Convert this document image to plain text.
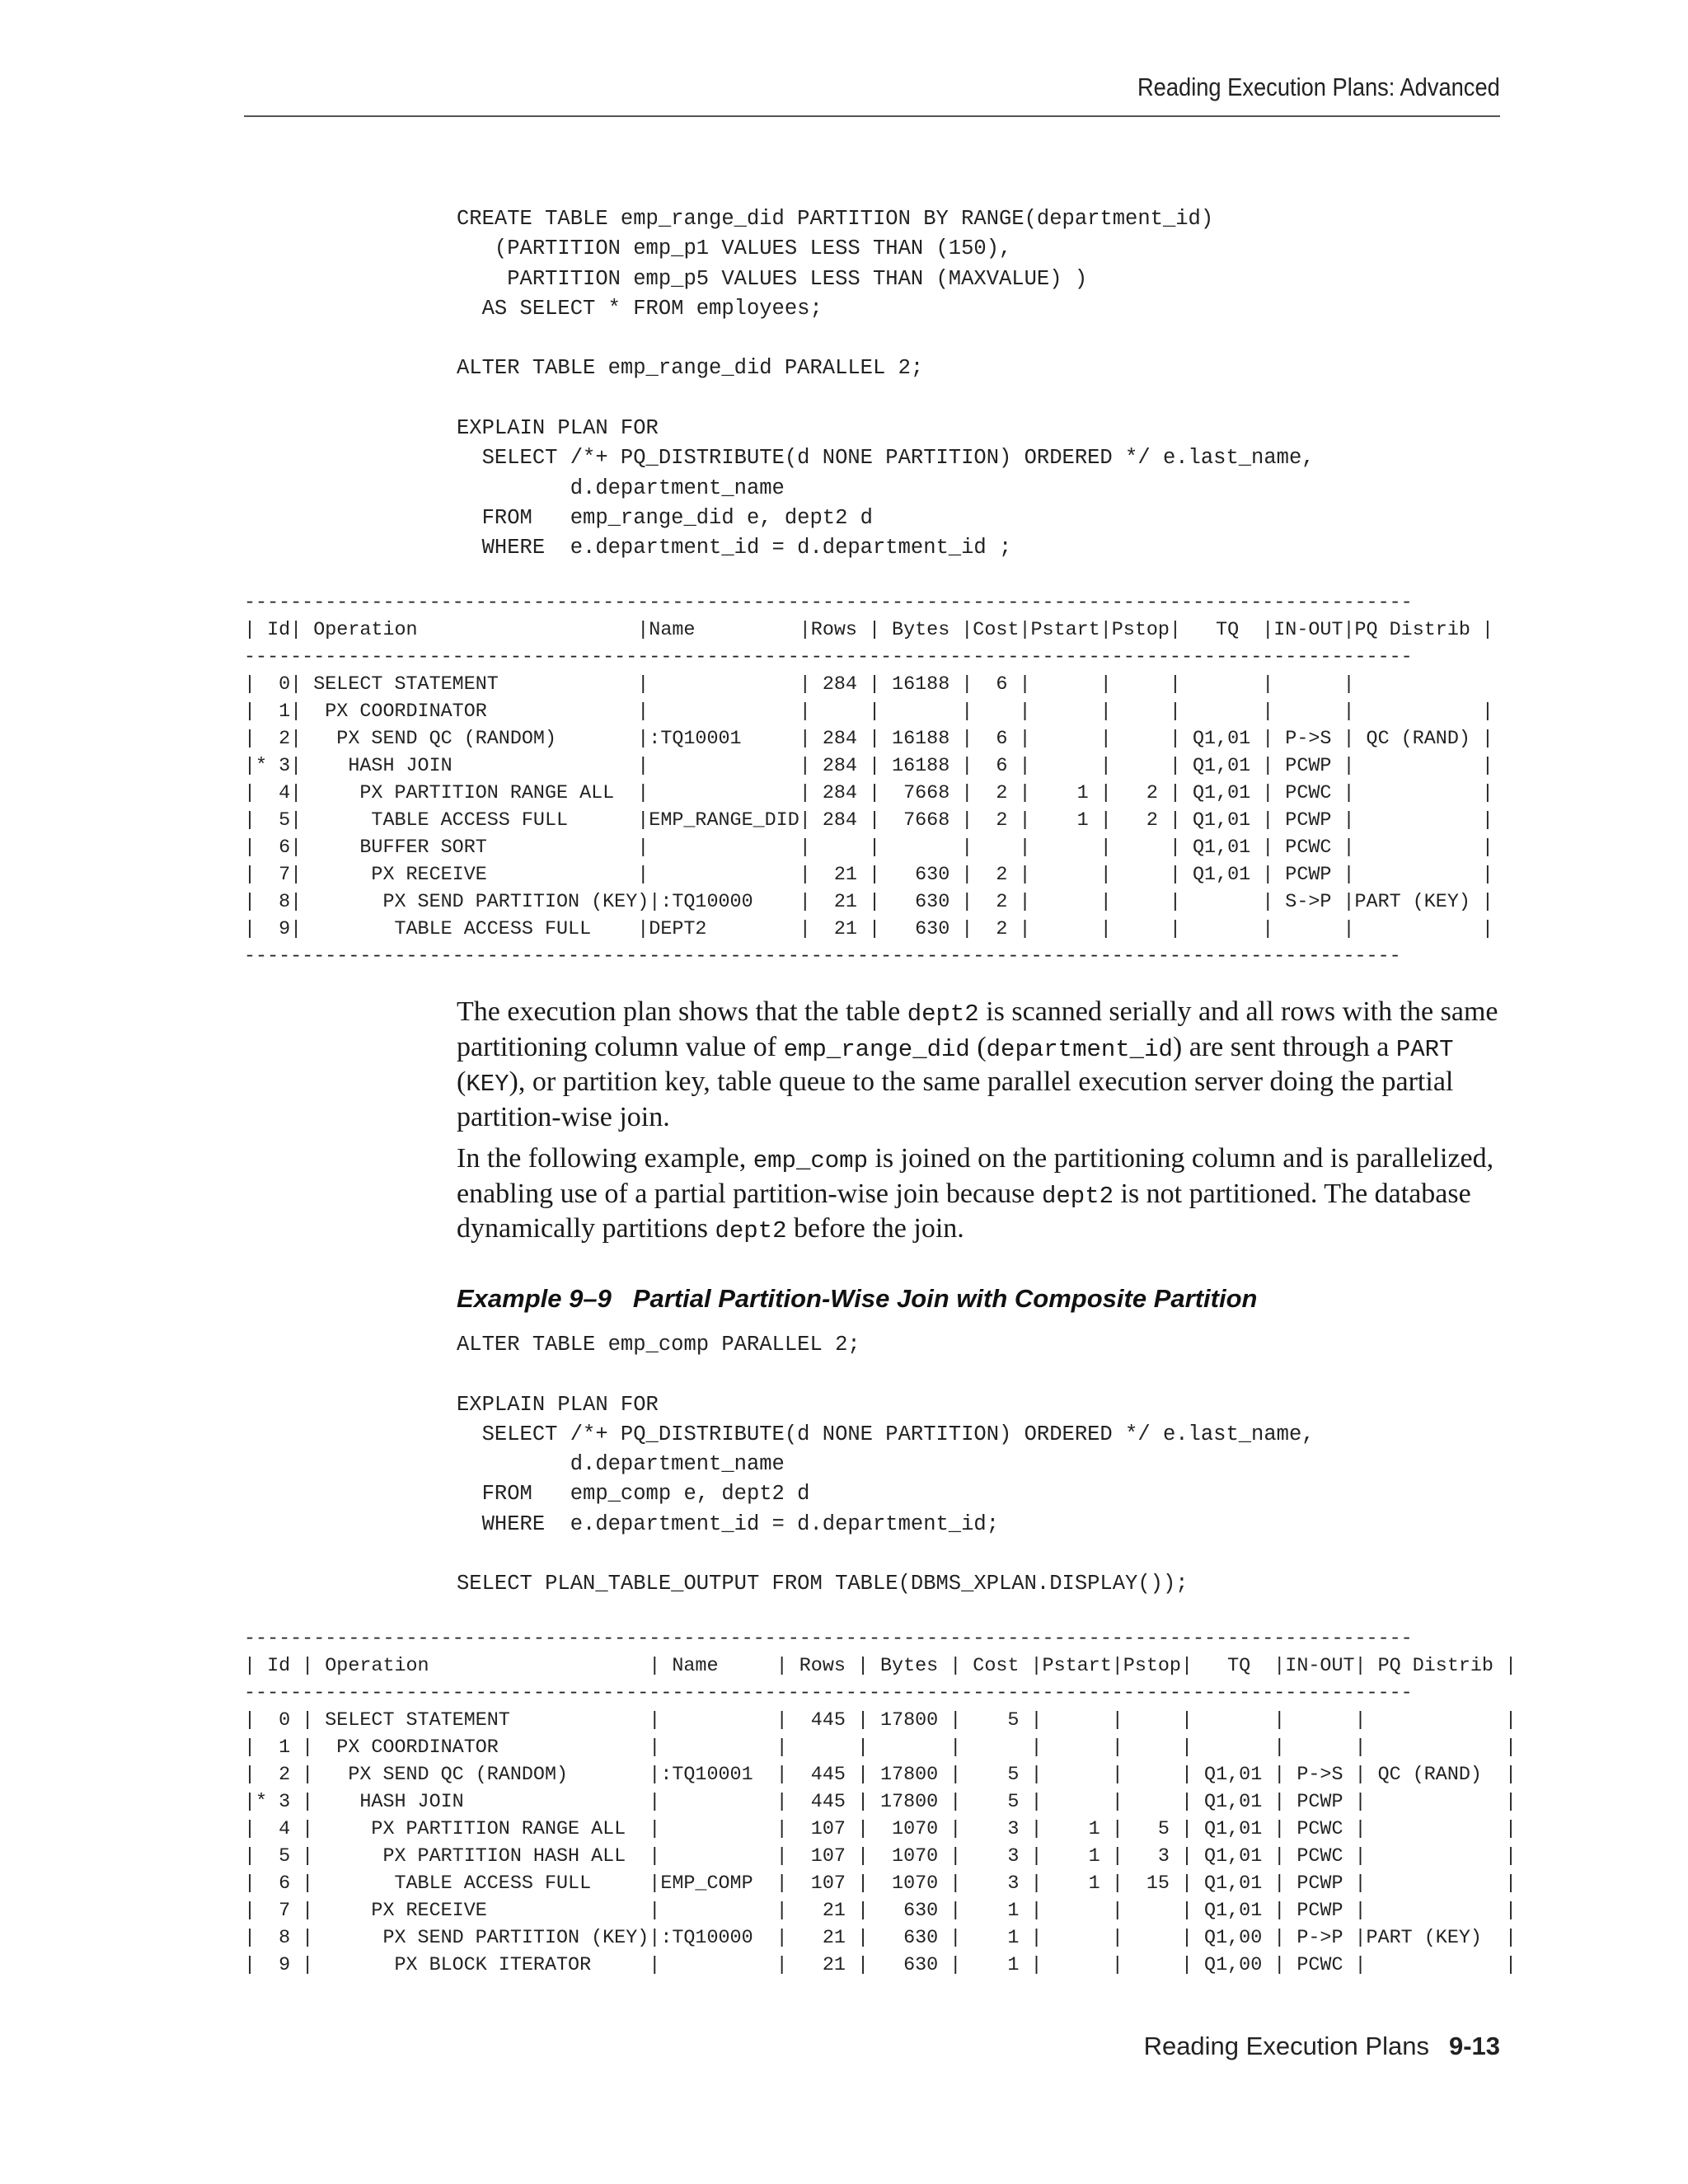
Reading Execution Plans: Advanced
CREATE TABLE emp_range_did PARTITION BY RANGE(department_id)
(PARTITION emp_p1 VALUES LESS THAN (150),
PARTITION emp_p5 VALUES LESS THAN (MAXVALUE) )
AS SELECT * FROM employees;

ALTER TABLE emp_range_did PARALLEL 2;

EXPLAIN PLAN FOR
SELECT /*+ PQ_DISTRIBUTE(d NONE PARTITION) ORDERED */ e.last_name,
d.department_name
FROM   emp_range_did e, dept2 d
WHERE  e.department_id = d.department_id ;
-----------------------------------------------------------------------------------------------------
| Id| Operation                   |Name         |Rows | Bytes |Cost|Pstart|Pstop|   TQ  |IN-OUT|PQ Distrib |
-----------------------------------------------------------------------------------------------------
|  0| SELECT STATEMENT            |             | 284 | 16188 |  6 |      |     |       |      |
|  1|  PX COORDINATOR             |             |     |       |    |      |     |       |      |           |
|  2|   PX SEND QC (RANDOM)       |:TQ10001     | 284 | 16188 |  6 |      |     | Q1,01 | P->S | QC (RAND) |
|* 3|    HASH JOIN                |             | 284 | 16188 |  6 |      |     | Q1,01 | PCWP |           |
|  4|     PX PARTITION RANGE ALL  |             | 284 |  7668 |  2 |    1 |   2 | Q1,01 | PCWC |           |
|  5|      TABLE ACCESS FULL      |EMP_RANGE_DID| 284 |  7668 |  2 |    1 |   2 | Q1,01 | PCWP |           |
|  6|     BUFFER SORT             |             |     |       |    |      |     | Q1,01 | PCWC |           |
|  7|      PX RECEIVE             |             |  21 |   630 |  2 |      |     | Q1,01 | PCWP |           |
|  8|       PX SEND PARTITION (KEY)|:TQ10000    |  21 |   630 |  2 |      |     |       | S->P |PART (KEY) |
|  9|        TABLE ACCESS FULL    |DEPT2        |  21 |   630 |  2 |      |     |       |      |           |
----------------------------------------------------------------------------------------------------

The execution plan shows that the table dept2 is scanned serially and all rows with the same partitioning column value of emp_range_did (department_id) are sent through a PART (KEY), or partition key, table queue to the same parallel execution server doing the partial partition-wise join.

In the following example, emp_comp is joined on the partitioning column and is parallelized, enabling use of a partial partition-wise join because dept2 is not partitioned. The database dynamically partitions dept2 before the join.

Example 9–9 Partial Partition-Wise Join with Composite Partition
ALTER TABLE emp_comp PARALLEL 2;

EXPLAIN PLAN FOR
SELECT /*+ PQ_DISTRIBUTE(d NONE PARTITION) ORDERED */ e.last_name,
d.department_name
FROM   emp_comp e, dept2 d
WHERE  e.department_id = d.department_id;

SELECT PLAN_TABLE_OUTPUT FROM TABLE(DBMS_XPLAN.DISPLAY());
-----------------------------------------------------------------------------------------------------
| Id | Operation                   | Name     | Rows | Bytes | Cost |Pstart|Pstop|   TQ  |IN-OUT| PQ Distrib |
-----------------------------------------------------------------------------------------------------
|  0 | SELECT STATEMENT            |          |  445 | 17800 |    5 |      |     |       |      |            |
|  1 |  PX COORDINATOR             |          |      |       |      |      |     |       |      |            |
|  2 |   PX SEND QC (RANDOM)       |:TQ10001  |  445 | 17800 |    5 |      |     | Q1,01 | P->S | QC (RAND)  |
|* 3 |    HASH JOIN                |          |  445 | 17800 |    5 |      |     | Q1,01 | PCWP |            |
|  4 |     PX PARTITION RANGE ALL  |          |  107 |  1070 |    3 |    1 |   5 | Q1,01 | PCWC |            |
|  5 |      PX PARTITION HASH ALL  |          |  107 |  1070 |    3 |    1 |   3 | Q1,01 | PCWC |            |
|  6 |       TABLE ACCESS FULL     |EMP_COMP  |  107 |  1070 |    3 |    1 |  15 | Q1,01 | PCWP |            |
|  7 |     PX RECEIVE              |          |   21 |   630 |    1 |      |     | Q1,01 | PCWP |            |
|  8 |      PX SEND PARTITION (KEY)|:TQ10000  |   21 |   630 |    1 |      |     | Q1,00 | P->P |PART (KEY)  |
|  9 |       PX BLOCK ITERATOR     |          |   21 |   630 |    1 |      |     | Q1,00 | PCWC |            |
Reading Execution Plans 9-13
